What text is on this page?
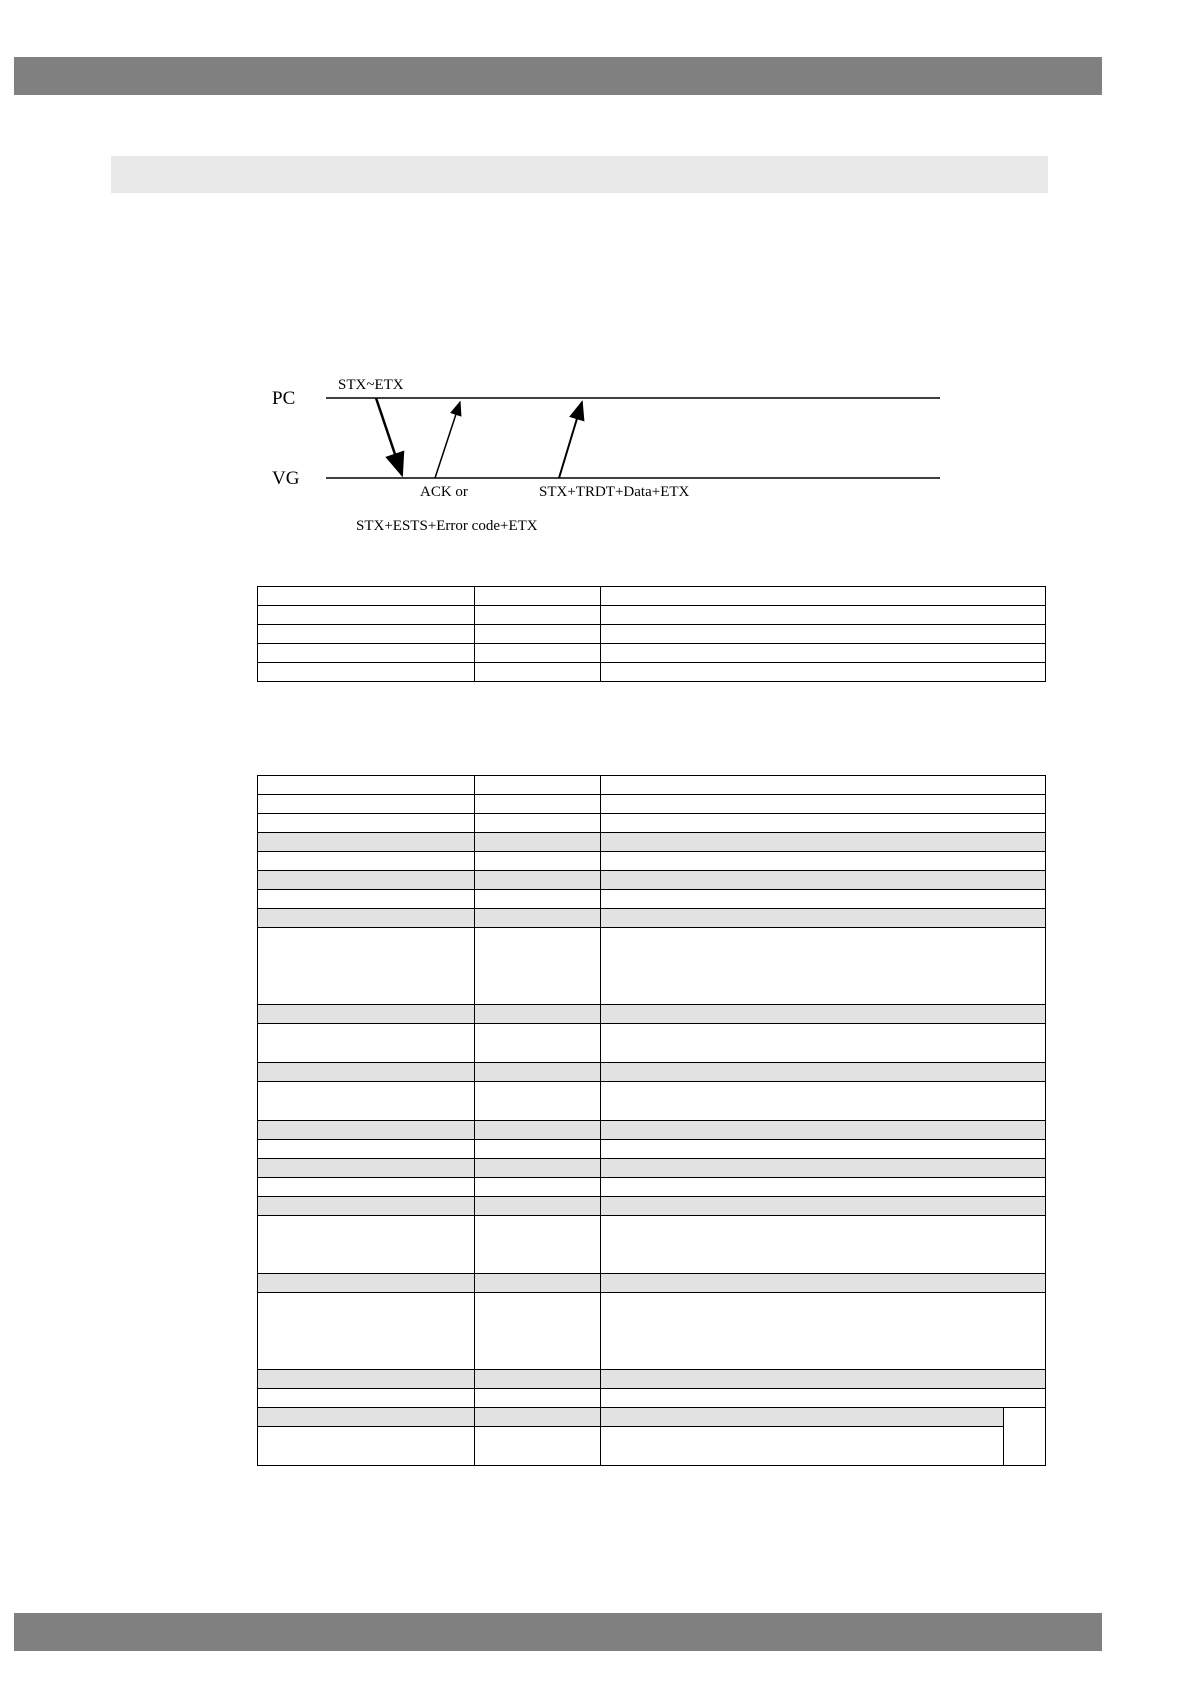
PC
VG
STX~ETX
ACK or
STX+ESTS+Error code+ETX
STX+TRDT+Data+ETX
